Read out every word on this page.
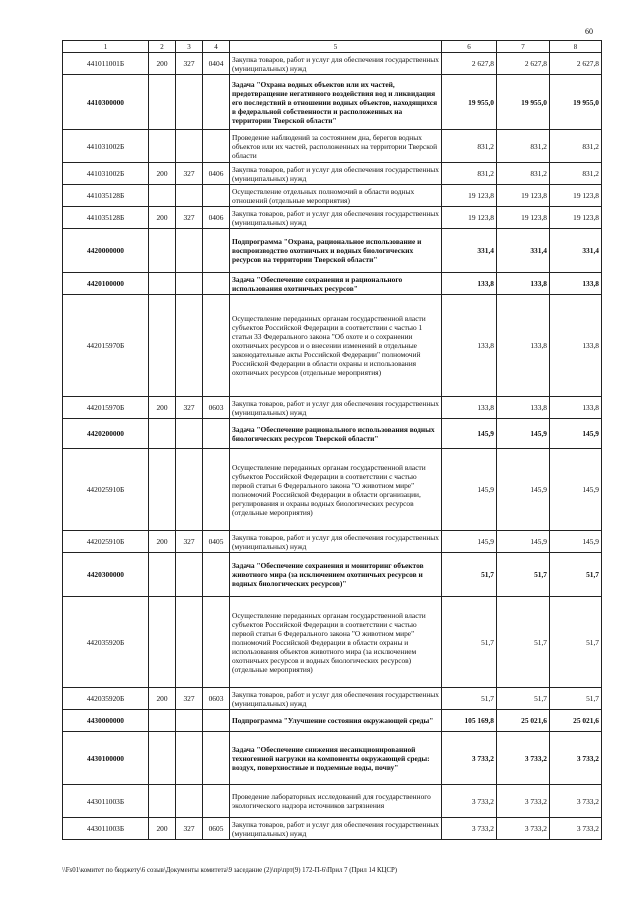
60
1	2	3	4	5	6	7	8
441011001Б	200	327	0404	Закупка товаров, работ и услуг для обеспечения государственных (муниципальных) нужд	2 627,8	2 627,8	2 627,8
4410300000				Задача "Охрана водных объектов или их частей, предотвращение негативного воздействия вод и ликвидация его последствий в отношении водных объектов, находящихся в федеральной собственности и расположенных на территории Тверской области"	19 955,0	19 955,0	19 955,0
441031002Б				Проведение наблюдений за состоянием дна, берегов водных объектов или их частей, расположенных на территории Тверской области	831,2	831,2	831,2
441031002Б	200	327	0406	Закупка товаров, работ и услуг для обеспечения государственных (муниципальных) нужд	831,2	831,2	831,2
441035128Б				Осуществление отдельных полномочий в области водных отношений (отдельные мероприятия)	19 123,8	19 123,8	19 123,8
441035128Б	200	327	0406	Закупка товаров, работ и услуг для обеспечения государственных (муниципальных) нужд	19 123,8	19 123,8	19 123,8
4420000000				Подпрограмма "Охрана, рациональное использование и воспроизводство охотничьих и водных биологических ресурсов на территории Тверской области"	331,4	331,4	331,4
4420100000				Задача "Обеспечение сохранения и рационального использования охотничьих ресурсов"	133,8	133,8	133,8
442015970Б				Осуществление переданных органам государственной власти субъектов Российской Федерации в соответствии с частью 1 статьи 33 Федерального закона "Об охоте и о сохранении охотничьих ресурсов и о внесении изменений в отдельные законодательные акты Российской Федерации" полномочий Российской Федерации в области охраны и использования охотничьих ресурсов (отдельные мероприятия)	133,8	133,8	133,8
442015970Б	200	327	0603	Закупка товаров, работ и услуг для обеспечения государственных (муниципальных) нужд	133,8	133,8	133,8
4420200000				Задача "Обеспечение рационального использования водных биологических ресурсов Тверской области"	145,9	145,9	145,9
442025910Б				Осуществление переданных органам государственной власти субъектов Российской Федерации в соответствии с частью первой статьи 6 Федерального закона "О животном мире" полномочий Российской Федерации в области организации, регулирования и охраны водных биологических ресурсов (отдельные мероприятия)	145,9	145,9	145,9
442025910Б	200	327	0405	Закупка товаров, работ и услуг для обеспечения государственных (муниципальных) нужд	145,9	145,9	145,9
4420300000				Задача "Обеспечение сохранения и мониторинг объектов животного мира (за исключением охотничьих ресурсов и водных биологических ресурсов)"	51,7	51,7	51,7
442035920Б				Осуществление переданных органам государственной власти субъектов Российской Федерации в соответствии с частью первой статьи 6 Федерального закона "О животном мире" полномочий Российской Федерации в области охраны и использования объектов животного мира (за исключением охотничьих ресурсов и водных биологических ресурсов) (отдельные мероприятия)	51,7	51,7	51,7
442035920Б	200	327	0603	Закупка товаров, работ и услуг для обеспечения государственных (муниципальных) нужд	51,7	51,7	51,7
4430000000				Подпрограмма "Улучшение состояния окружающей среды"	105 169,8	25 021,6	25 021,6
4430100000				Задача "Обеспечение снижения несанкционированной техногенной нагрузки на компоненты окружающей среды: воздух, поверхностные и подземные воды, почву"	3 733,2	3 733,2	3 733,2
443011003Б				Проведение лабораторных исследований для государственного экологического надзора источников загрязнения	3 733,2	3 733,2	3 733,2
443011003Б	200	327	0605	Закупка товаров, работ и услуг для обеспечения государственных (муниципальных) нужд	3 733,2	3 733,2	3 733,2
\\Fs01\комитет по бюджету\6 созыв\Документы комитета\9 заседание (2)\пр\прт(9) 172-П-6\Прил 7 (Прил 14 КЦСР)
